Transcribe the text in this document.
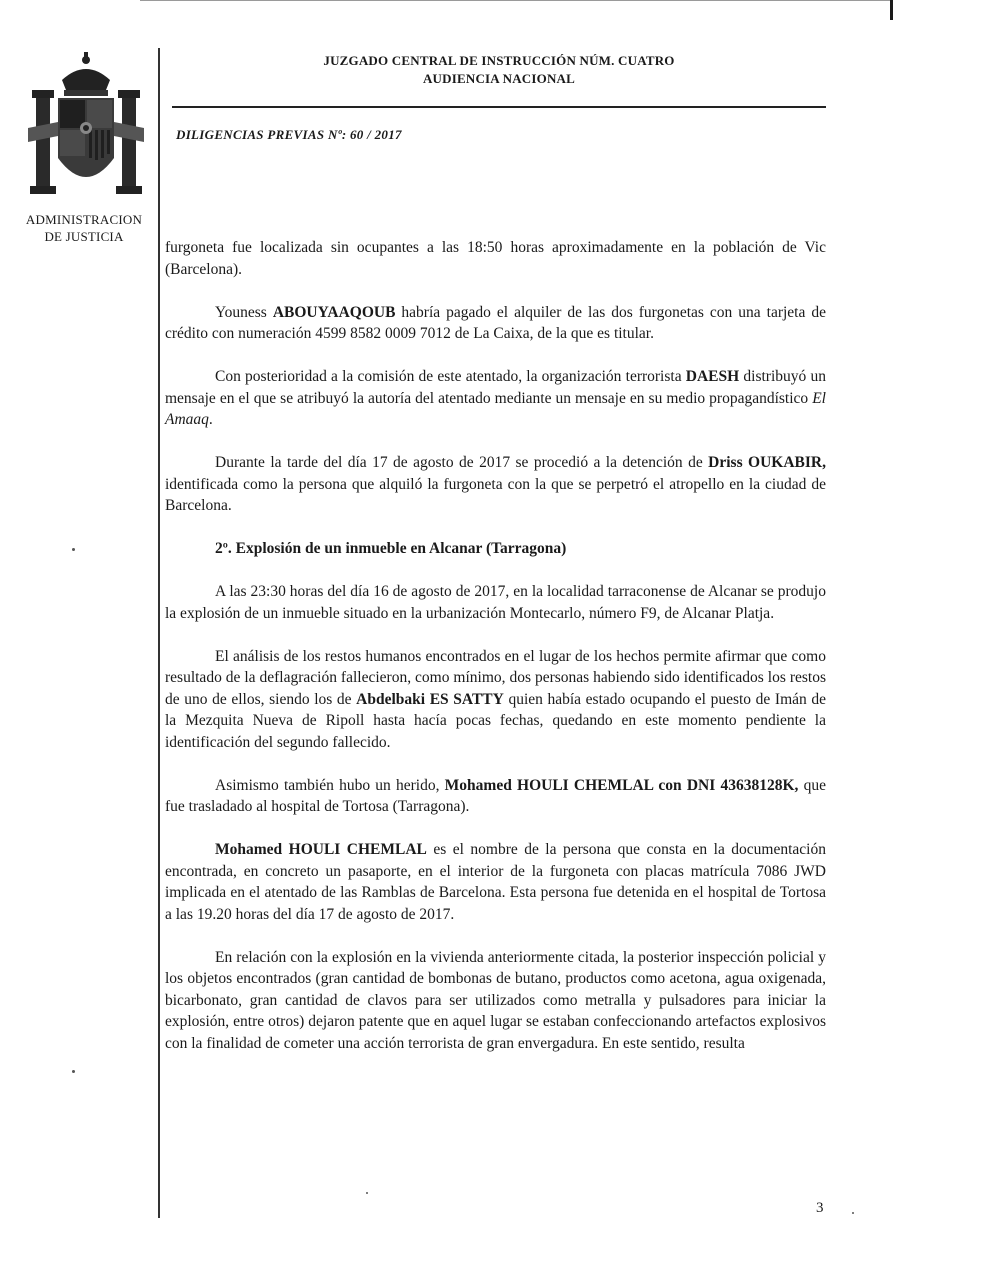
ADMINISTRACION
DE JUSTICIA
JUZGADO CENTRAL DE INSTRUCCIÓN NÚM. CUATRO
AUDIENCIA NACIONAL
DILIGENCIAS PREVIAS Nº: 60 / 2017

furgoneta fue localizada sin ocupantes a las 18:50 horas aproximadamente en la población de Vic (Barcelona).

Youness ABOUYAAQOUB habría pagado el alquiler de las dos furgonetas con una tarjeta de crédito con numeración 4599 8582 0009 7012 de La Caixa, de la que es titular.

Con posterioridad a la comisión de este atentado, la organización terrorista DAESH distribuyó un mensaje en el que se atribuyó la autoría del atentado mediante un mensaje en su medio propagandístico El Amaaq.

Durante la tarde del día 17 de agosto de 2017 se procedió a la detención de Driss OUKABIR, identificada como la persona que alquiló la furgoneta con la que se perpetró el atropello en la ciudad de Barcelona.

2º. Explosión de un inmueble en Alcanar (Tarragona)

A las 23:30 horas del día 16 de agosto de 2017, en la localidad tarraconense de Alcanar se produjo la explosión de un inmueble situado en la urbanización Montecarlo, número F9, de Alcanar Platja.

El análisis de los restos humanos encontrados en el lugar de los hechos permite afirmar que como resultado de la deflagración fallecieron, como mínimo, dos personas habiendo sido identificados los restos de uno de ellos, siendo los de Abdelbaki ES SATTY quien había estado ocupando el puesto de Imán de la Mezquita Nueva de Ripoll hasta hacía pocas fechas, quedando en este momento pendiente la identificación del segundo fallecido.

Asimismo también hubo un herido, Mohamed HOULI CHEMLAL con DNI 43638128K, que fue trasladado al hospital de Tortosa (Tarragona).

Mohamed HOULI CHEMLAL es el nombre de la persona que consta en la documentación encontrada, en concreto un pasaporte, en el interior de la furgoneta con placas matrícula 7086 JWD implicada en el atentado de las Ramblas de Barcelona. Esta persona fue detenida en el hospital de Tortosa a las 19.20 horas del día 17 de agosto de 2017.

En relación con la explosión en la vivienda anteriormente citada, la posterior inspección policial y los objetos encontrados (gran cantidad de bombonas de butano, productos como acetona, agua oxigenada, bicarbonato, gran cantidad de clavos para ser utilizados como metralla y pulsadores para iniciar la explosión, entre otros) dejaron patente que en aquel lugar se estaban confeccionando artefactos explosivos con la finalidad de cometer una acción terrorista de gran envergadura. En este sentido, resulta

3
